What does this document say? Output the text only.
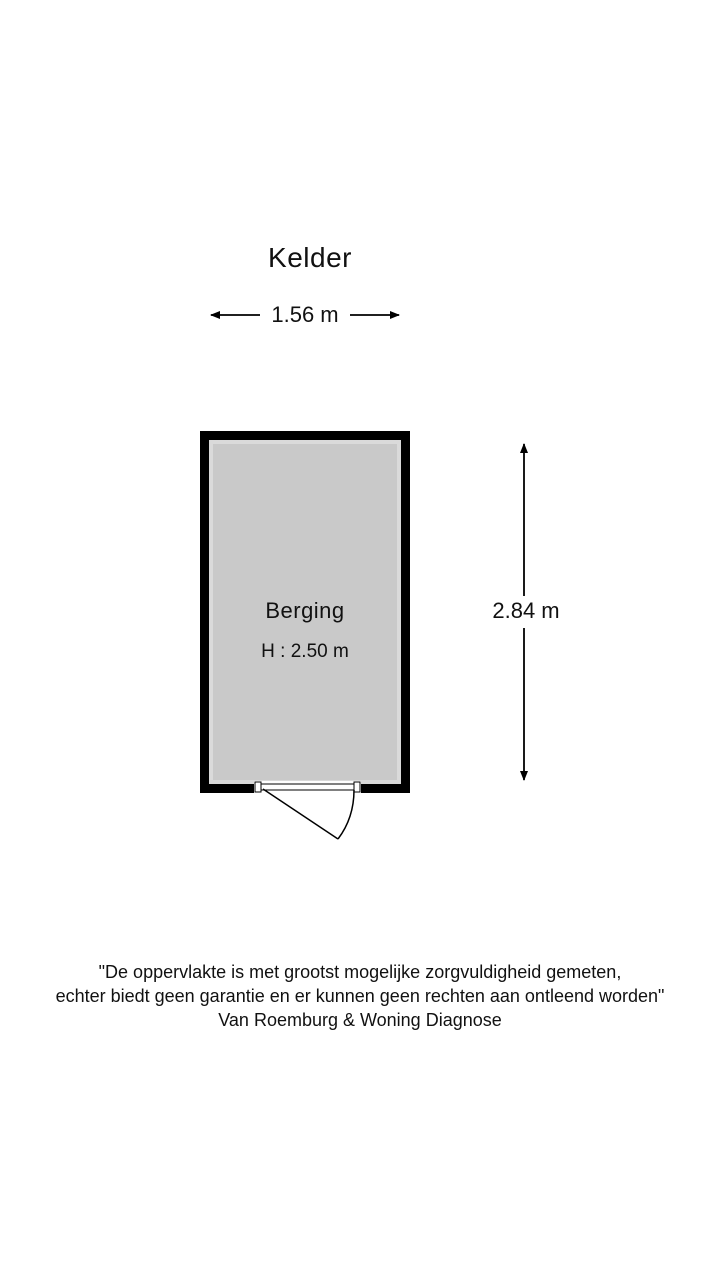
Kelder
1.56 m
2.84 m
Berging
H : 2.50 m
"De oppervlakte is met grootst mogelijke zorgvuldigheid gemeten,
echter biedt geen garantie en er kunnen geen rechten aan ontleend worden"
Van Roemburg & Woning Diagnose
